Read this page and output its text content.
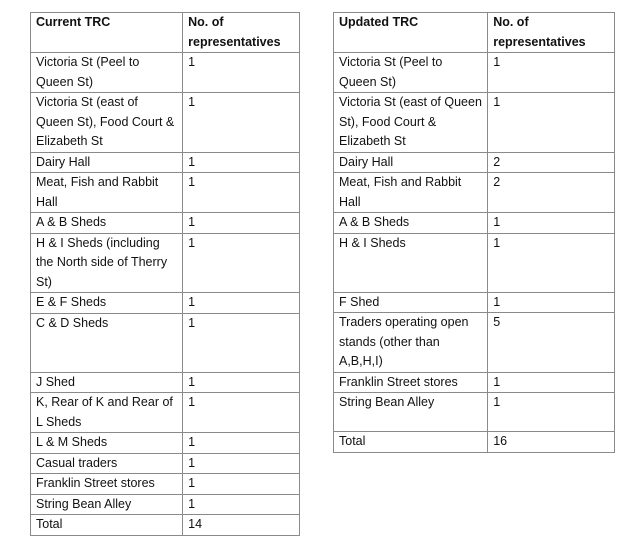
Current TRC	No. of representatives
Victoria St (Peel to Queen St)	1
Victoria St (east of Queen St), Food Court & Elizabeth St	1
Dairy Hall	1
Meat, Fish and Rabbit Hall	1
A & B Sheds	1
H & I Sheds (including the North side of Therry St)	1
E & F Sheds	1
C & D Sheds	1
J Shed	1
K, Rear of K and Rear of L Sheds	1
L & M Sheds	1
Casual traders	1
Franklin Street stores	1
String Bean Alley	1
Total	14
Updated TRC	No. of representatives
Victoria St (Peel to Queen St)	1
Victoria St (east of Queen St), Food Court & Elizabeth St	1
Dairy Hall	2
Meat, Fish and Rabbit Hall	2
A & B Sheds	1
H & I Sheds	1
F Shed	1
Traders operating open stands (other than A,B,H,I)	5
Franklin Street stores	1
String Bean Alley	1
Total	16
